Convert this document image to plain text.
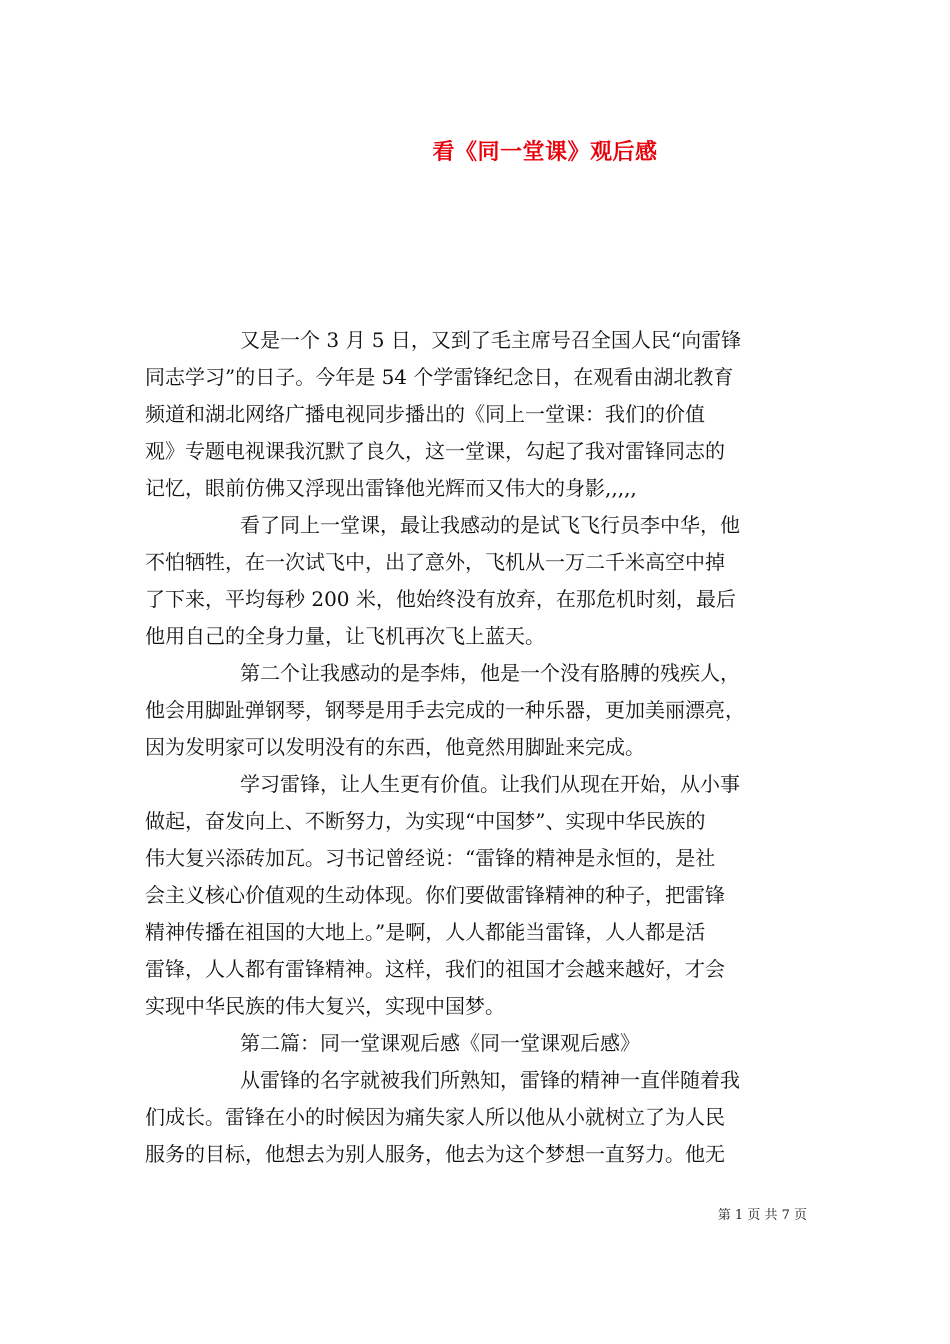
看《同一堂课》观后感
又是一个 3 月 5 日，又到了毛主席号召全国人民“向雷锋
同志学习”的日子。今年是 54 个学雷锋纪念日，在观看由湖北教育
频道和湖北网络广播电视同步播出的《同上一堂课：我们的价值
观》专题电视课我沉默了良久，这一堂课，勾起了我对雷锋同志的
记忆，眼前仿佛又浮现出雷锋他光辉而又伟大的身影,,,,,
看了同上一堂课，最让我感动的是试飞飞行员李中华，他
不怕牺牲，在一次试飞中，出了意外，飞机从一万二千米高空中掉
了下来，平均每秒 200 米，他始终没有放弃，在那危机时刻，最后
他用自己的全身力量，让飞机再次飞上蓝天。
第二个让我感动的是李炜，他是一个没有胳膊的残疾人，
他会用脚趾弹钢琴，钢琴是用手去完成的一种乐器，更加美丽漂亮，
因为发明家可以发明没有的东西，他竟然用脚趾来完成。
学习雷锋，让人生更有价值。让我们从现在开始，从小事
做起，奋发向上、不断努力，为实现“中国梦”、实现中华民族的
伟大复兴添砖加瓦。习书记曾经说：“雷锋的精神是永恒的，是社
会主义核心价值观的生动体现。你们要做雷锋精神的种子，把雷锋
精神传播在祖国的大地上。”是啊，人人都能当雷锋，人人都是活
雷锋，人人都有雷锋精神。这样，我们的祖国才会越来越好，才会
实现中华民族的伟大复兴，实现中国梦。
第二篇：同一堂课观后感《同一堂课观后感》
从雷锋的名字就被我们所熟知，雷锋的精神一直伴随着我
们成长。雷锋在小的时候因为痛失家人所以他从小就树立了为人民
服务的目标，他想去为别人服务，他去为这个梦想一直努力。他无
第 1 页 共 7 页
